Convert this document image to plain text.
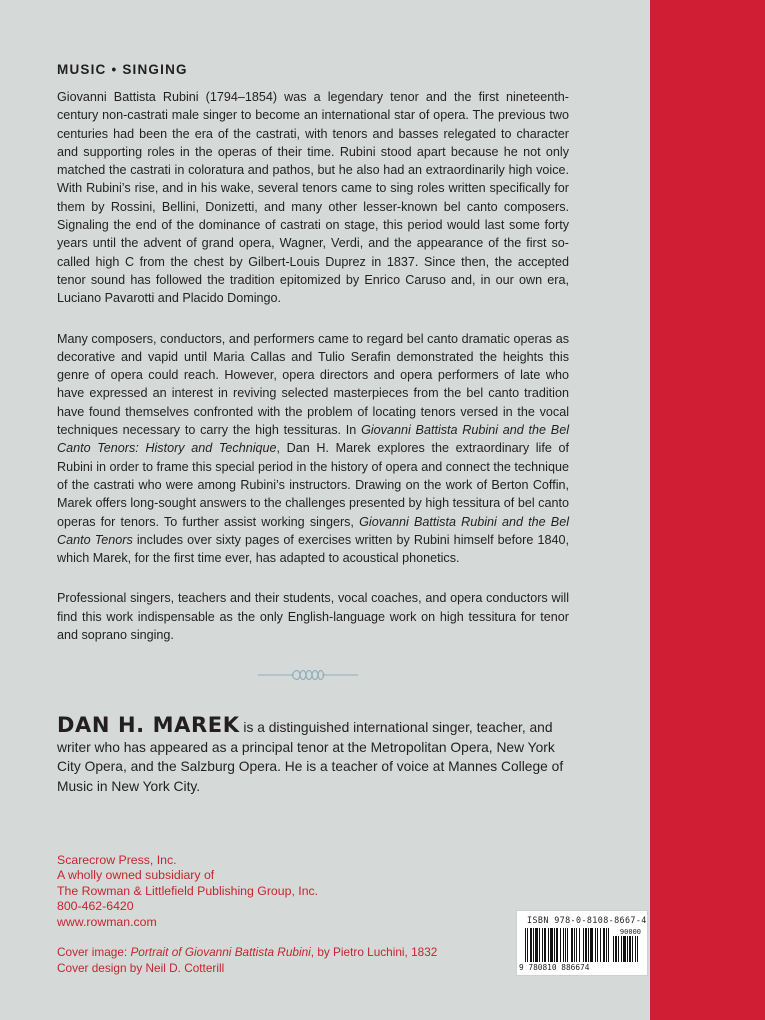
MUSIC • SINGING

Giovanni Battista Rubini (1794–1854) was a legendary tenor and the first nineteenth-century non-castrati male singer to become an international star of opera. The previous two centuries had been the era of the castrati, with tenors and basses relegated to character and supporting roles in the operas of their time. Rubini stood apart because he not only matched the castrati in coloratura and pathos, but he also had an extraordinarily high voice. With Rubini’s rise, and in his wake, several tenors came to sing roles written specifically for them by Rossini, Bellini, Donizetti, and many other lesser-known bel canto composers. Signaling the end of the dominance of castrati on stage, this period would last some forty years until the advent of grand opera, Wagner, Verdi, and the appearance of the first so-called high C from the chest by Gilbert-Louis Duprez in 1837. Since then, the accepted tenor sound has followed the tradition epitomized by Enrico Caruso and, in our own era, Luciano Pavarotti and Placido Domingo.

Many composers, conductors, and performers came to regard bel canto dramatic operas as decorative and vapid until Maria Callas and Tulio Serafin demonstrated the heights this genre of opera could reach. However, opera directors and opera performers of late who have expressed an interest in reviving selected masterpieces from the bel canto tradition have found themselves confronted with the problem of locating tenors versed in the vocal techniques necessary to carry the high tessituras. In Giovanni Battista Rubini and the Bel Canto Tenors: History and Technique, Dan H. Marek explores the extraordinary life of Rubini in order to frame this special period in the history of opera and connect the technique of the castrati who were among Rubini’s instructors. Drawing on the work of Berton Coffin, Marek offers long-sought answers to the challenges presented by high tessitura of bel canto operas for tenors. To further assist working singers, Giovanni Battista Rubini and the Bel Canto Tenors includes over sixty pages of exercises written by Rubini himself before 1840, which Marek, for the first time ever, has adapted to acoustical phonetics.

Professional singers, teachers and their students, vocal coaches, and opera conductors will find this work indispensable as the only English-language work on high tessitura for tenor and soprano singing.

DAN H. MAREK is a distinguished international singer, teacher, and writer who has appeared as a principal tenor at the Metropolitan Opera, New York City Opera, and the Salzburg Opera. He is a teacher of voice at Mannes College of Music in New York City.
Scarecrow Press, Inc.
A wholly owned subsidiary of
The Rowman & Littlefield Publishing Group, Inc.
800-462-6420
www.rowman.com
Cover image: Portrait of Giovanni Battista Rubini, by Pietro Luchini, 1832
Cover design by Neil D. Cotterill
ISBN 978-0-8108-8667-4
90000
9 780810 886674
